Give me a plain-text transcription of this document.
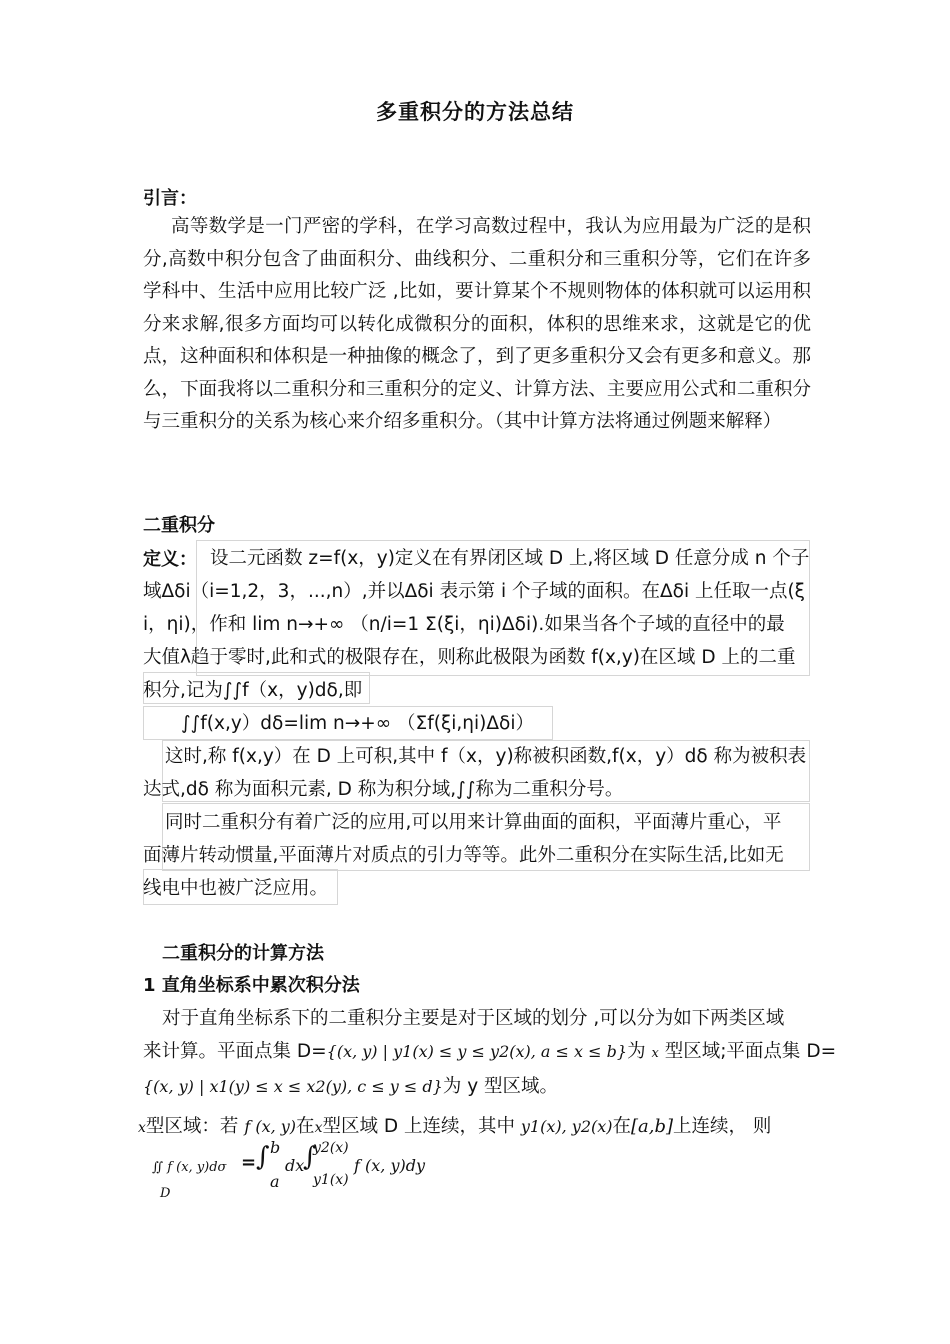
多重积分的方法总结
引言：
高等数学是一门严密的学科，在学习高数过程中，我认为应用最为广泛的是积分,高数中积分包含了曲面积分、曲线积分、二重积分和三重积分等，它们在许多学科中、生活中应用比较广泛 ,比如，要计算某个不规则物体的体积就可以运用积分来求解,很多方面均可以转化成微积分的面积，体积的思维来求，这就是它的优点，这种面积和体积是一种抽像的概念了，到了更多重积分又会有更多和意义。那么，下面我将以二重积分和三重积分的定义、计算方法、主要应用公式和二重积分与三重积分的关系为核心来介绍多重积分。（其中计算方法将通过例题来解释）
二重积分
定义： 设二元函数 z=f(x，y)定义在有界闭区域 D 上,将区域 D 任意分成 n 个子
域Δδi（i=1,2，3，...,n）,并以Δδi 表示第 i 个子域的面积。在Δδi 上任取一点(ξ
i，ηi)，作和 lim n→+∞ （n/i=1 Σ(ξi，ηi)Δδi).如果当各个子域的直径中的最
大值λ趋于零时,此和式的极限存在，则称此极限为函数 f(x,y)在区域 D 上的二重
积分,记为∫∫f（x，y)dδ,即
∫∫f(x,y）dδ=lim n→+∞ （Σf(ξi,ηi)Δδi）
这时,称 f(x,y）在 D 上可积,其中 f（x，y)称被积函数,f(x，y）dδ 称为被积表
达式,dδ 称为面积元素, D 称为积分域,∫∫称为二重积分号。
同时二重积分有着广泛的应用,可以用来计算曲面的面积，平面薄片重心，平
面薄片转动惯量,平面薄片对质点的引力等等。此外二重积分在实际生活,比如无
线电中也被广泛应用。
二重积分的计算方法
1 直角坐标系中累次积分法
对于直角坐标系下的二重积分主要是对于区域的划分 ,可以分为如下两类区域
来计算。平面点集 D={(x, y) | y1(x) ≤ y ≤ y2(x), a ≤ x ≤ b}为 x 型区域;平面点集 D=
{(x, y) | x1(y) ≤ x ≤ x2(y), c ≤ y ≤ d}为 y 型区域。
x型区域：若 f (x, y)在x型区域 D 上连续，其中 y1(x), y2(x)在[a,b]上连续， 则
∬ f (x, y)dσ
D
= ∫ b
a
dx
∫
y2(x)
y1(x)
f (x, y)dy
